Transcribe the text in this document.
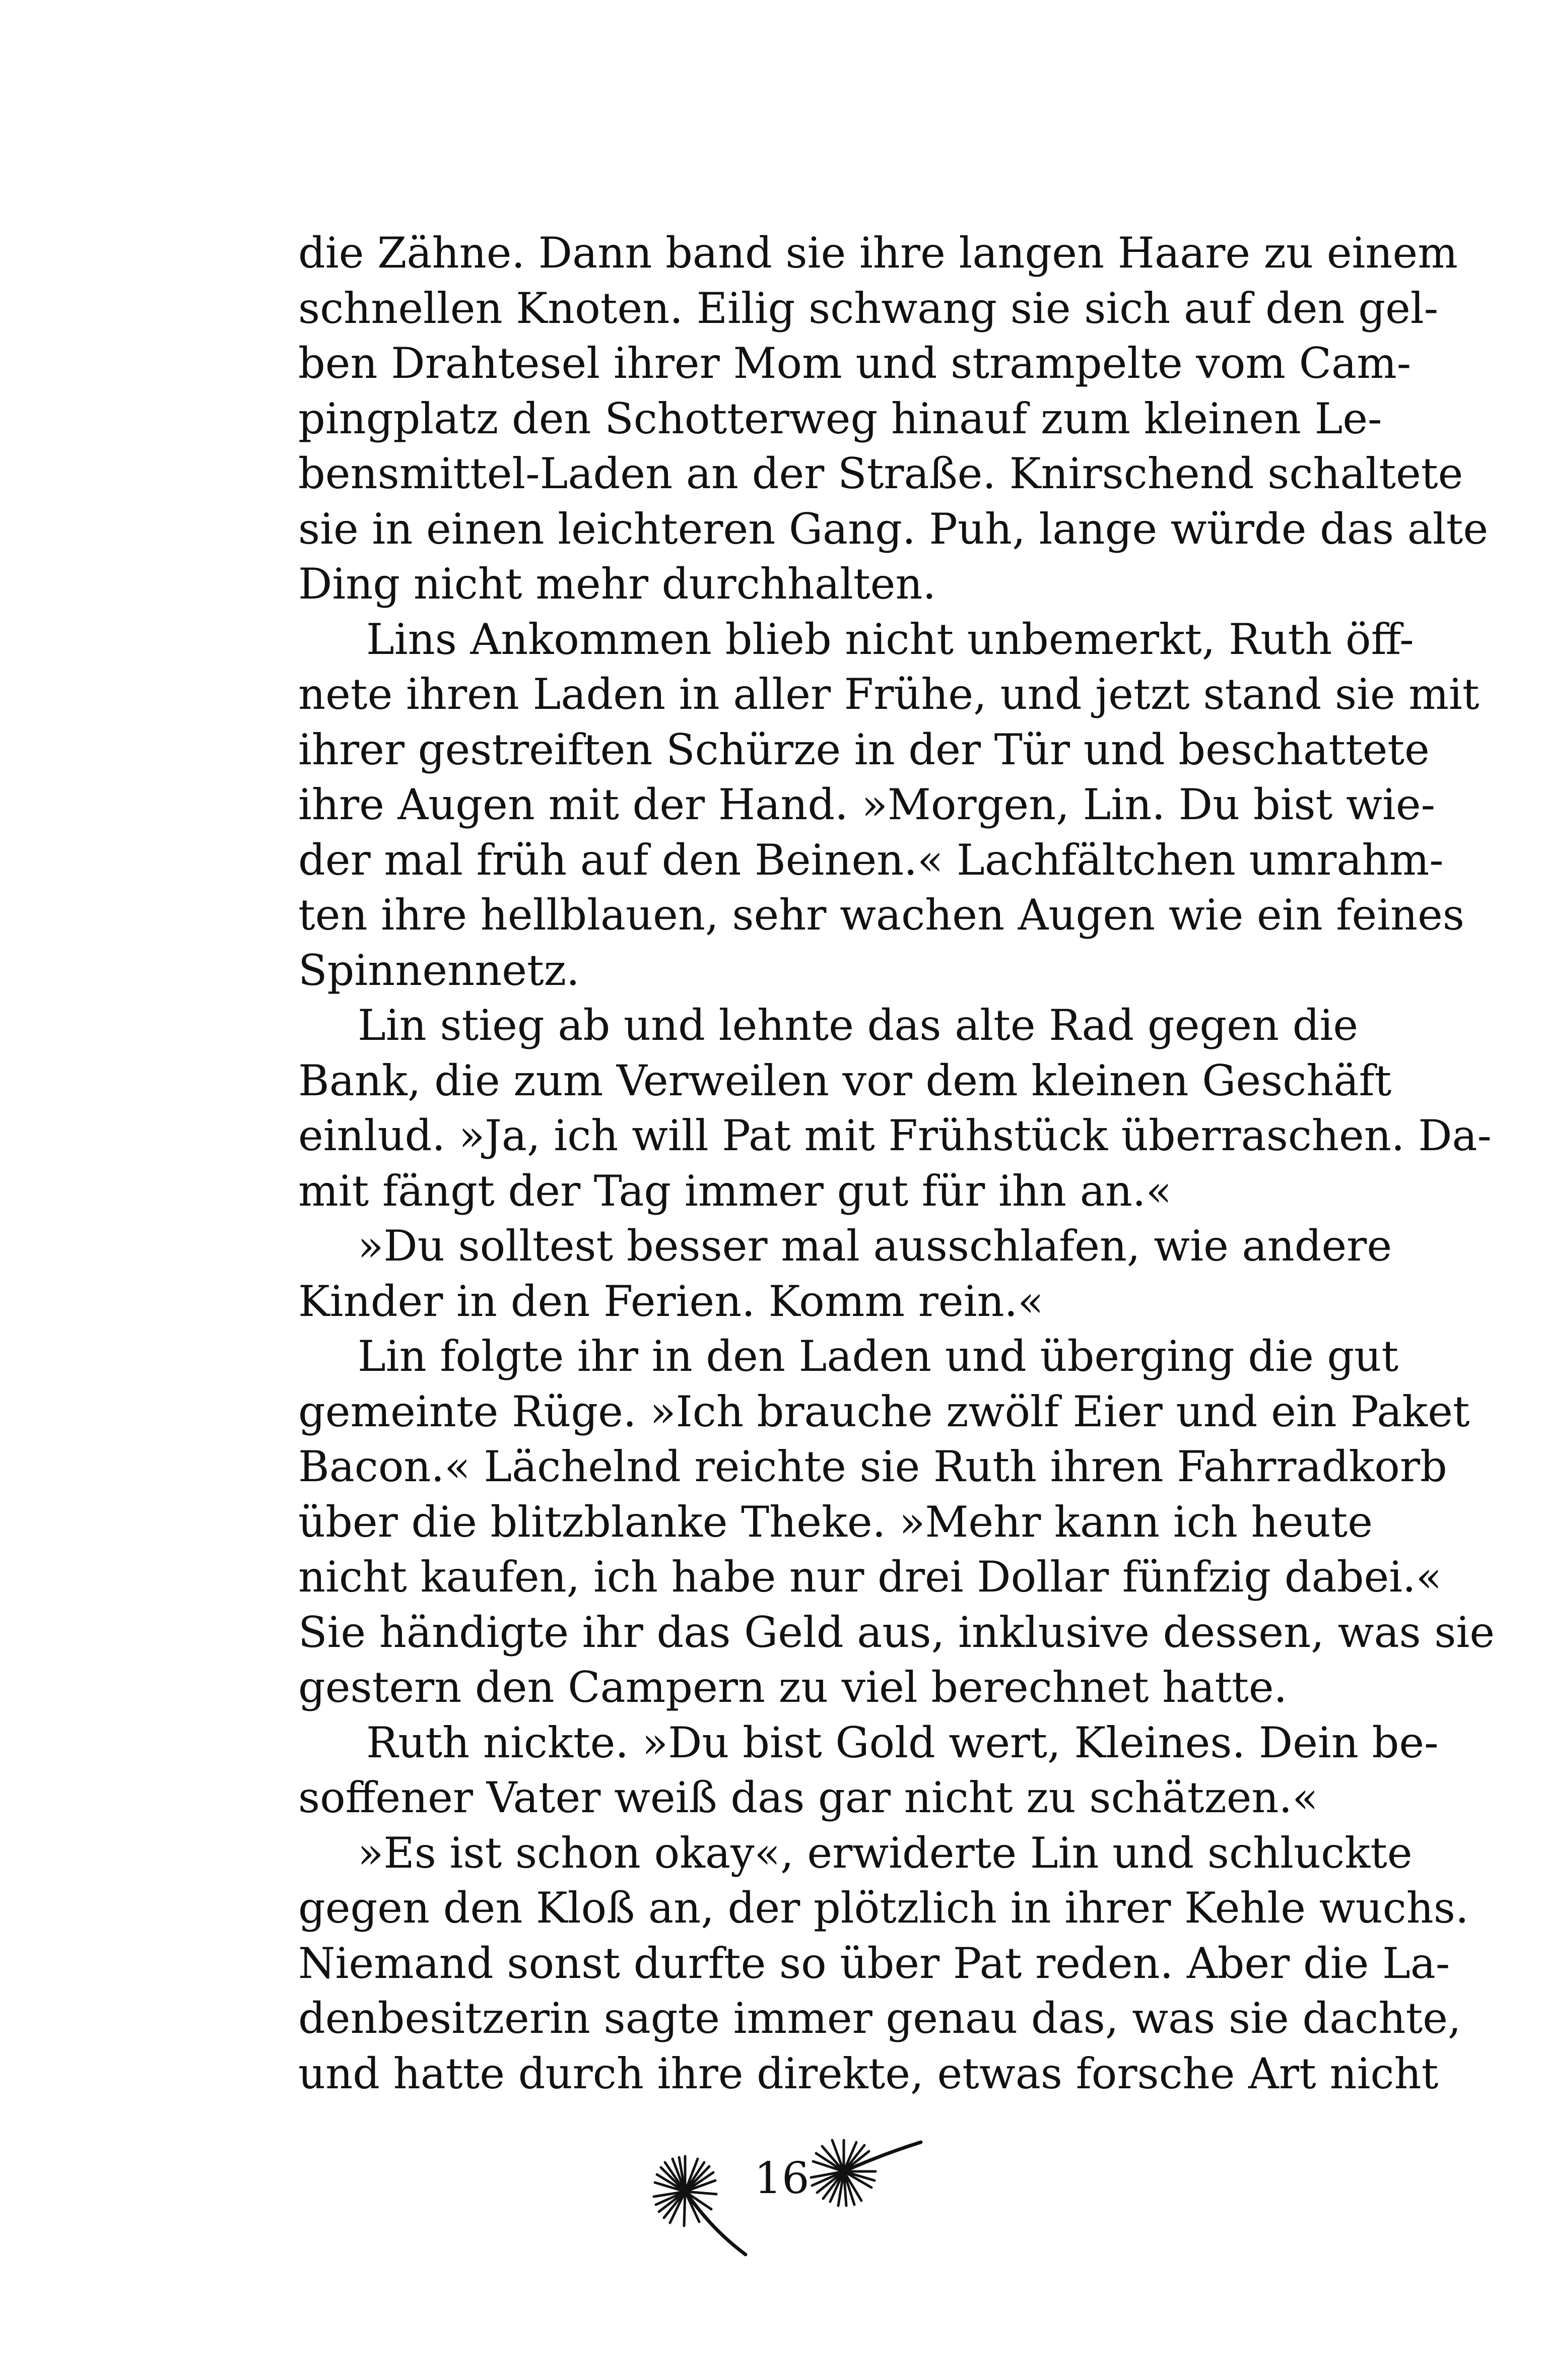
die Zähne. Dann band sie ihre langen Haare zu einem
schnellen Knoten. Eilig schwang sie sich auf den gel-
ben Drahtesel ihrer Mom und strampelte vom Cam-
pingplatz den Schotterweg hinauf zum kleinen Le-
bensmittel-Laden an der Straße. Knirschend schaltete
sie in einen leichteren Gang. Puh, lange würde das alte
Ding nicht mehr durchhalten.
Lins Ankommen blieb nicht unbemerkt, Ruth öff-
nete ihren Laden in aller Frühe, und jetzt stand sie mit
ihrer gestreiften Schürze in der Tür und beschattete
ihre Augen mit der Hand. »Morgen, Lin. Du bist wie-
der mal früh auf den Beinen.« Lachfältchen umrahm-
ten ihre hellblauen, sehr wachen Augen wie ein feines
Spinnennetz.
Lin stieg ab und lehnte das alte Rad gegen die
Bank, die zum Verweilen vor dem kleinen Geschäft
einlud. »Ja, ich will Pat mit Frühstück überraschen. Da-
mit fängt der Tag immer gut für ihn an.«
»Du solltest besser mal ausschlafen, wie andere
Kinder in den Ferien. Komm rein.«
Lin folgte ihr in den Laden und überging die gut
gemeinte Rüge. »Ich brauche zwölf Eier und ein Paket
Bacon.« Lächelnd reichte sie Ruth ihren Fahrradkorb
über die blitzblanke Theke. »Mehr kann ich heute
nicht kaufen, ich habe nur drei Dollar fünfzig dabei.«
Sie händigte ihr das Geld aus, inklusive dessen, was sie
gestern den Campern zu viel berechnet hatte.
Ruth nickte. »Du bist Gold wert, Kleines. Dein be-
soffener Vater weiß das gar nicht zu schätzen.«
»Es ist schon okay«, erwiderte Lin und schluckte
gegen den Kloß an, der plötzlich in ihrer Kehle wuchs.
Niemand sonst durfte so über Pat reden. Aber die La-
denbesitzerin sagte immer genau das, was sie dachte,
und hatte durch ihre direkte, etwas forsche Art nicht
16
